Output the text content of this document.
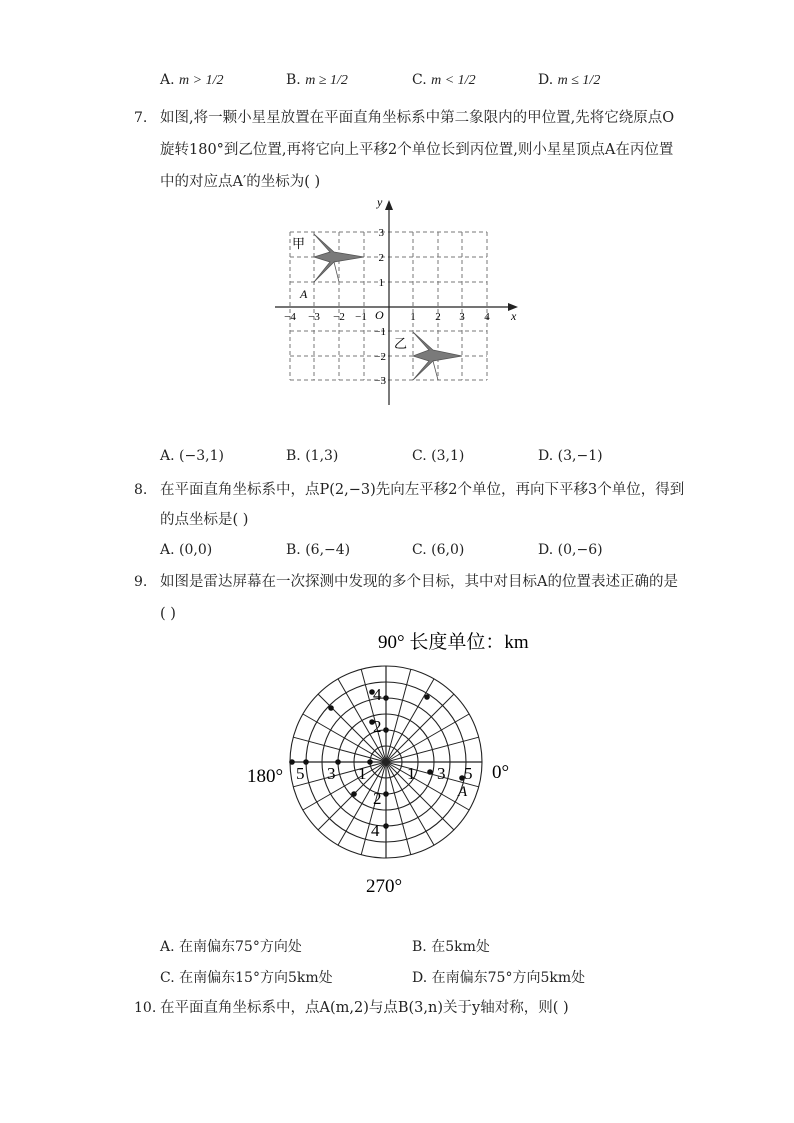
A. m > 1/2	B. m ≥ 1/2	C. m < 1/2	D. m ≤ 1/2
7. 如图,将一颗小星星放置在平面直角坐标系中第二象限内的甲位置,先将它绕原点O
旋转180°到乙位置,再将它向上平移2个单位长到丙位置,则小星星顶点A在丙位置
中的对应点A′的坐标为( )
x
y
O
甲
乙
A
−4 −3 −2 −1	1 2 3 4
3
2
1
−1
−2
−3
A. (−3,1)	B. (1,3)	C. (3,1)	D. (3,−1)
8. 在平面直角坐标系中，点P(2,−3)先向左平移2个单位，再向下平移3个单位，得到
的点坐标是( )
A. (0,0)	B. (6,−4)	C. (6,0)	D. (0,−6)
9. 如图是雷达屏幕在一次探测中发现的多个目标，其中对目标A的位置表述正确的是
( )
90° 长度单位：km
180°	0°
270°
A
1 3 5
5 3 1
2
4
2
4
A. 在南偏东75°方向处	B. 在5km处
C. 在南偏东15°方向5km处	D. 在南偏东75°方向5km处
10. 在平面直角坐标系中，点A(m,2)与点B(3,n)关于y轴对称，则( )
